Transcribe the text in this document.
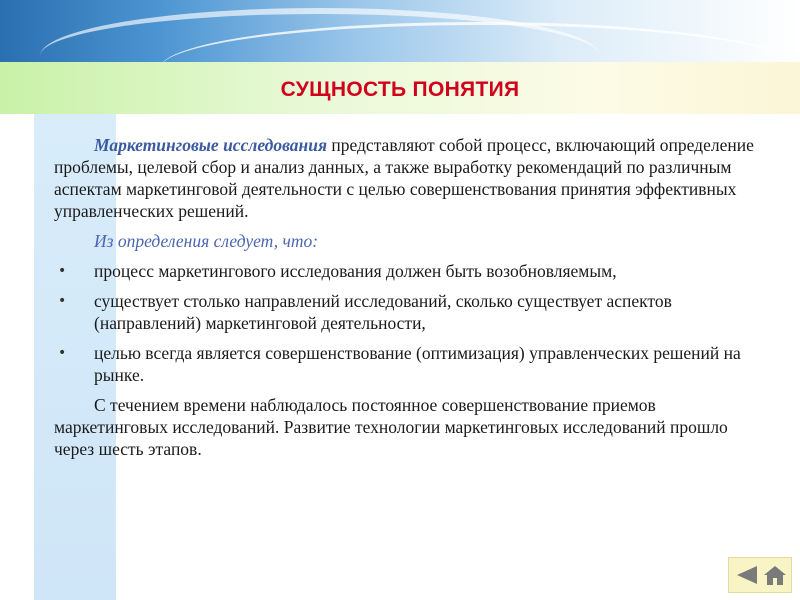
СУЩНОСТЬ ПОНЯТИЯ

Маркетинговые исследования представляют собой процесс, включающий определение проблемы, целевой сбор и анализ данных, а также выработку рекомендаций по различным аспектам маркетинговой деятельности с целью совершенствования принятия эффективных управленческих решений.

Из определения следует, что:

• процесс маркетингового исследования должен быть возобновляемым,
• существует столько направлений исследований, сколько существует аспектов (направлений) маркетинговой деятельности,
• целью всегда является совершенствование (оптимизация) управленческих решений на рынке.

С течением времени наблюдалось постоянное совершенствование приемов маркетинговых исследований. Развитие технологии маркетинговых исследований прошло через шесть этапов.
